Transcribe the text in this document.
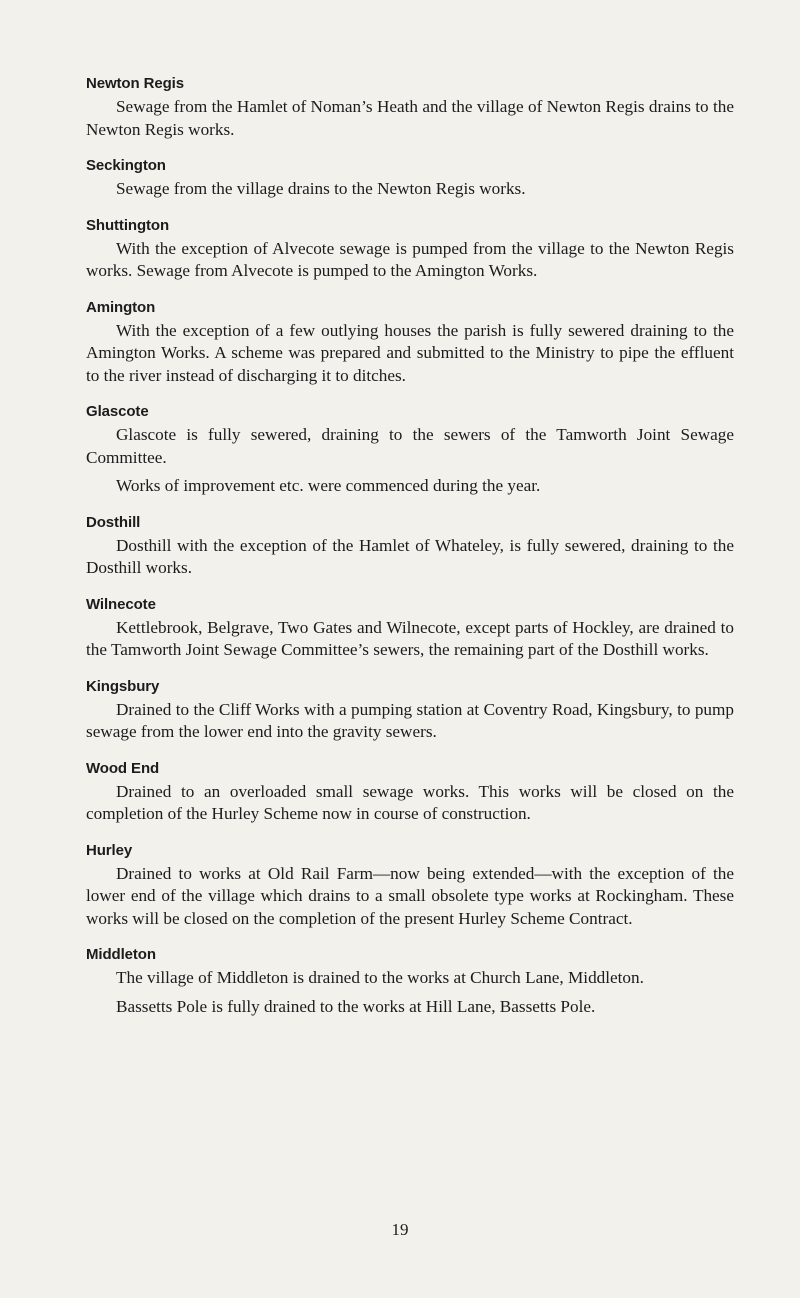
Newton Regis

Sewage from the Hamlet of Noman’s Heath and the village of Newton Regis drains to the Newton Regis works.

Seckington

Sewage from the village drains to the Newton Regis works.

Shuttington

With the exception of Alvecote sewage is pumped from the village to the Newton Regis works. Sewage from Alvecote is pumped to the Amington Works.

Amington

With the exception of a few outlying houses the parish is fully sewered draining to the Amington Works. A scheme was prepared and submitted to the Ministry to pipe the effluent to the river instead of discharging it to ditches.

Glascote

Glascote is fully sewered, draining to the sewers of the Tamworth Joint Sewage Committee.

Works of improvement etc. were commenced during the year.

Dosthill

Dosthill with the exception of the Hamlet of Whateley, is fully sewered, draining to the Dosthill works.

Wilnecote

Kettlebrook, Belgrave, Two Gates and Wilnecote, except parts of Hockley, are drained to the Tamworth Joint Sewage Committee’s sewers, the remaining part of the Dosthill works.

Kingsbury

Drained to the Cliff Works with a pumping station at Coventry Road, Kingsbury, to pump sewage from the lower end into the gravity sewers.

Wood End

Drained to an overloaded small sewage works. This works will be closed on the completion of the Hurley Scheme now in course of construction.

Hurley

Drained to works at Old Rail Farm—now being extended—with the exception of the lower end of the village which drains to a small obsolete type works at Rockingham. These works will be closed on the completion of the present Hurley Scheme Contract.

Middleton

The village of Middleton is drained to the works at Church Lane, Middleton.

Bassetts Pole is fully drained to the works at Hill Lane, Bassetts Pole.

19
